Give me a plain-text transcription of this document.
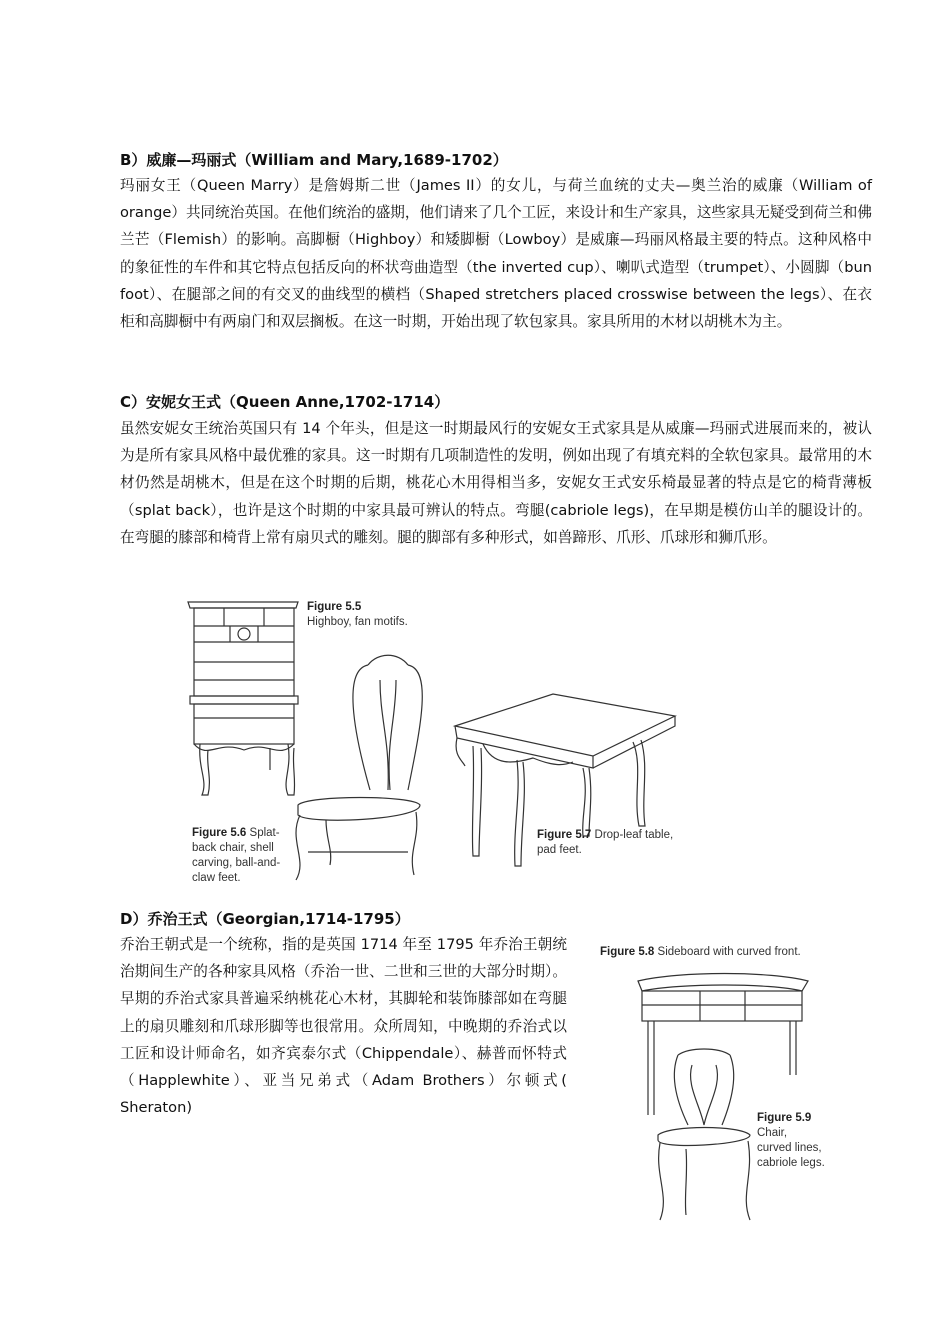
B）威廉—玛丽式（William and Mary,1689-1702）
玛丽女王（Queen Marry）是詹姆斯二世（James II）的女儿，与荷兰血统的丈夫—奥兰治的威廉（William of orange）共同统治英国。在他们统治的盛期，他们请来了几个工匠，来设计和生产家具，这些家具无疑受到荷兰和佛兰芒（Flemish）的影响。高脚橱（Highboy）和矮脚橱（Lowboy）是威廉—玛丽风格最主要的特点。这种风格中的象征性的车件和其它特点包括反向的杯状弯曲造型（the inverted cup）、喇叭式造型（trumpet）、小圆脚（bun foot）、在腿部之间的有交叉的曲线型的横档（Shaped stretchers placed crosswise between the legs）、在衣柜和高脚橱中有两扇门和双层搁板。在这一时期，开始出现了软包家具。家具所用的木材以胡桃木为主。
C）安妮女王式（Queen Anne,1702-1714）
虽然安妮女王统治英国只有 14 个年头，但是这一时期最风行的安妮女王式家具是从威廉—玛丽式进展而来的，被认为是所有家具风格中最优雅的家具。这一时期有几项制造性的发明，例如出现了有填充料的全软包家具。最常用的木材仍然是胡桃木，但是在这个时期的后期，桃花心木用得相当多，安妮女王式安乐椅最显著的特点是它的椅背薄板（splat back），也许是这个时期的中家具最可辨认的特点。弯腿(cabriole legs)，在早期是模仿山羊的腿设计的。在弯腿的膝部和椅背上常有扇贝式的雕刻。腿的脚部有多种形式，如兽蹄形、爪形、爪球形和狮爪形。
Figure 5.5
Highboy, fan motifs.
Figure 5.6 Splat-
back chair, shell
carving, ball-and-
claw feet.
Figure 5.7 Drop-leaf table,
pad feet.
D）乔治王式（Georgian,1714-1795）
乔治王朝式是一个统称，指的是英国 1714 年至 1795 年乔治王朝统治期间生产的各种家具风格（乔治一世、二世和三世的大部分时期）。早期的乔治式家具普遍采纳桃花心木材，其脚轮和装饰膝部如在弯腿上的扇贝雕刻和爪球形脚等也很常用。众所周知，中晚期的乔治式以工匠和设计师命名，如齐宾泰尔式（Chippendale）、赫普而怀特式（Happlewhite）、亚当兄弟式（Adam Brothers）尔顿式( Sheraton)
Figure 5.8 Sideboard with curved front.
Figure 5.9
Chair,
curved lines,
cabriole legs.
